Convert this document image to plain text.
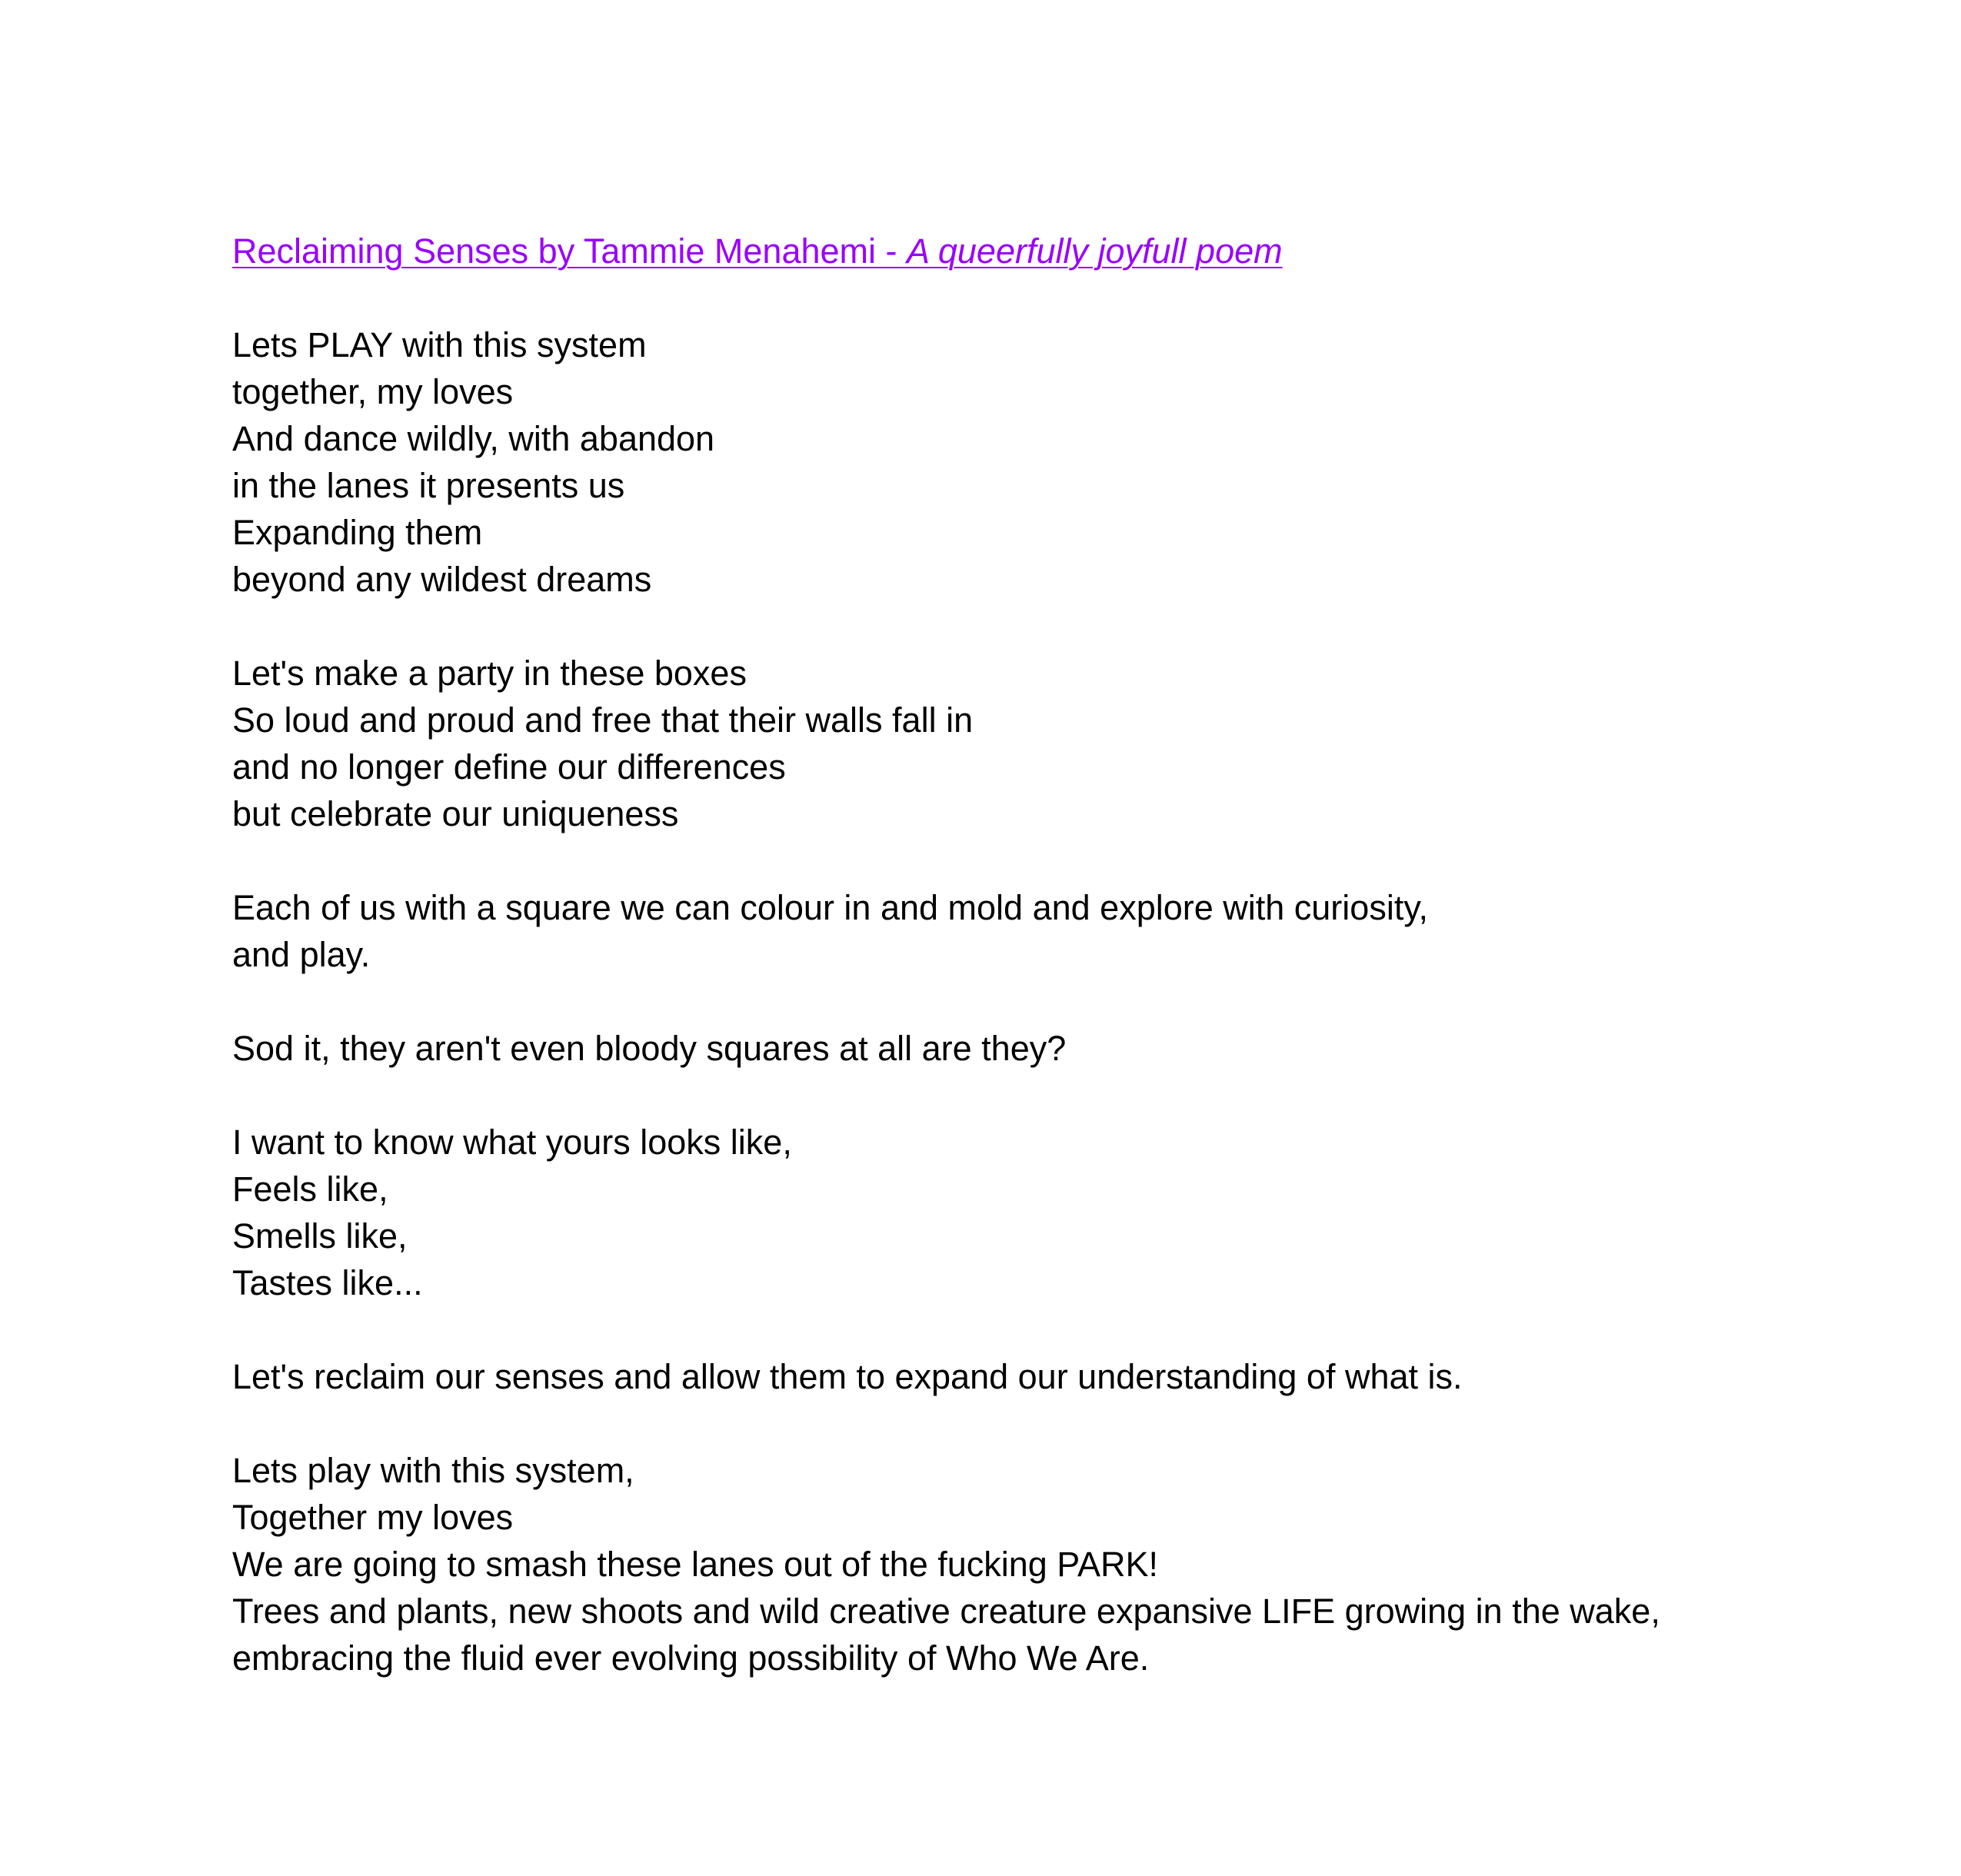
Reclaiming Senses by Tammie Menahemi - A queerfully joyfull poem

Lets PLAY with this system

together, my loves

And dance wildly, with abandon

in the lanes it presents us

Expanding them

beyond any wildest dreams

Let's make a party in these boxes

So loud and proud and free that their walls fall in

and no longer define our differences

but celebrate our uniqueness

Each of us with a square we can colour in and mold and explore with curiosity,

and play.

Sod it, they aren't even bloody squares at all are they?

I want to know what yours looks like,

Feels like,

Smells like,

Tastes like...

Let's reclaim our senses and allow them to expand our understanding of what is.

Lets play with this system,

Together my loves

We are going to smash these lanes out of the fucking PARK!

Trees and plants, new shoots and wild creative creature expansive LIFE growing in the wake,

embracing the fluid ever evolving possibility of Who We Are.
